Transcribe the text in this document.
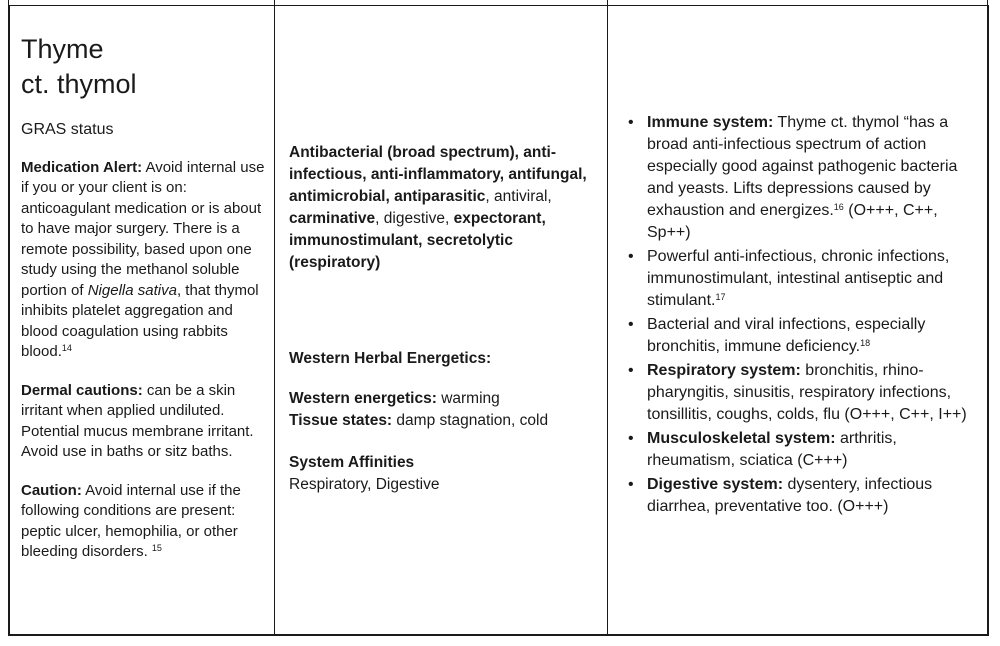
Thyme
ct. thymol
GRAS status

Medication Alert: Avoid internal use if you or your client is on: anticoagulant medication or is about to have major surgery. There is a remote possibility, based upon one study using the methanol soluble portion of Nigella sativa, that thymol inhibits platelet aggregation and blood coagulation using rabbits blood.$^{14}$

Dermal cautions: can be a skin irritant when applied undiluted. Potential mucus membrane irritant. Avoid use in baths or sitz baths.

Caution: Avoid internal use if the following conditions are present: peptic ulcer, hemophilia, or other bleeding disorders. $^{15}$

Antibacterial (broad spectrum), anti-infectious, anti-inflammatory, antifungal, antimicrobial, antiparasitic, antiviral, carminative, digestive, expectorant, immunostimulant, secretolytic (respiratory)

Western Herbal Energetics:

Western energetics: warming

Tissue states: damp stagnation, cold

System Affinities
Respiratory, Digestive
• Immune system: Thyme ct. thymol “has a broad anti-infectious spectrum of action especially good against pathogenic bacteria and yeasts. Lifts depressions caused by exhaustion and energizes.$^{16}$ (O+++, C++, Sp++)
• Powerful anti-infectious, chronic infections, immunostimulant, intestinal antiseptic and stimulant.$^{17}$
• Bacterial and viral infections, especially bronchitis, immune deficiency.$^{18}$
• Respiratory system: bronchitis, rhino-pharyngitis, sinusitis, respiratory infections, tonsillitis, coughs, colds, flu (O+++, C++, I++)
• Musculoskeletal system: arthritis, rheumatism, sciatica (C+++)
• Digestive system: dysentery, infectious diarrhea, preventative too. (O+++)
